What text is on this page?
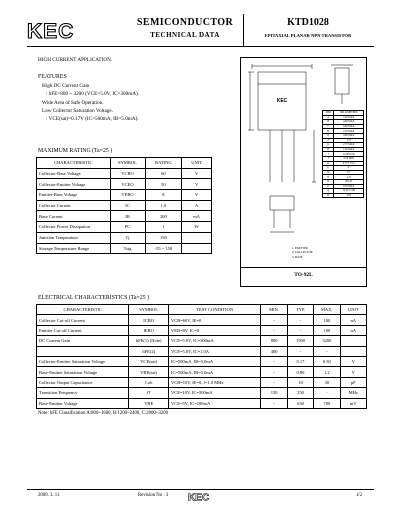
KEC	SEMICONDUCTOR
TECHNICAL DATA
KTD1028
EPITAXIAL PLANAR NPN TRANSISTOR
HIGH CURRENT APPLICATION.
FEATURES
High DC Current Gain
: hFE=800 ~ 3200 (VCE=5.0V, IC=300mA).
Wide Area of Safe Operation.
Low Collector Saturation Voltage.
: VCE(sat)=0.17V (IC=500mA, IB=5.0mA).
MAXIMUM RATING (Ta=25 )
CHARACTERISTIC	SYMBOL	RATING	UNIT
Collector-Base Voltage	VCBO	60	V
Collector-Emitter Voltage	VCEO	50	V
Emitter-Base Voltage	VEBO	8	V
Collector Current	IC	1.0	A
Base Current	IB	200	mA
Collector Power Dissipation	PC	1	W
Junction Temperature	Tj	150	
Storage Temperature Range	Tstg	-55 ~ 150	
KEC
DIM	MILLIMETERS
A	7.20 MAX
B	4.60 MAX
C	0.80 MAX
D	2.20 MAX
E	4.60 MAX
F	1.27
G	2.70 MAX
H	1.00 MAX
I	14.00±0.50
J	0.50 MIN
K	0.75 ± 0.10
L	3°
M	15°
N	1.27
O	RS 20
P	0.50 MAX
Q	15.50 ±1.00
R	1.00
1. EMITTER
2. COLLECTOR
3. BASE
TO-92L
ELECTRICAL CHARACTERISTICS (Ta=25 )
CHARACTERISTIC	SYMBOL	TEST CONDITION	MIN.	TYP.	MAX.	UNIT
Collector Cut-off Current	ICBO	VCB=60V, IE=0	-	-	100	nA
Emitter Cut-off Current	IEBO	VEB=8V, IC=0	-	-	100	nA
DC Current Gain	hFE(1) (Note)	VCE=5.0V, IC=300mA	800	1500	3200	
	hFE(2)	VCE=5.0V, IC=1.0A	400	-	-	
Collector-Emitter Saturation Voltage	VCE(sat)	IC=500mA, IB=5.0mA	-	0.17	0.30	V
Base-Emitter Saturation Voltage	VBE(sat)	IC=500mA, IB=5.0mA	-	0.80	1.2	V
Collector Output Capacitance	Cob	VCB=10V, IE=0, f=1.0 MHz	-	18	30	pF
Transition Frequency	fT	VCE=10V, IC=500mA	150	250	-	MHz
Base-Emitter Voltage	VBE	VCE=5V, IC=100mA	-	630	700	mV
Note: hFE Classification A:800~1600, B:1200~2400, C:2000~3200
2008. 3. 11	Revision No : 3 KEC	1/2
